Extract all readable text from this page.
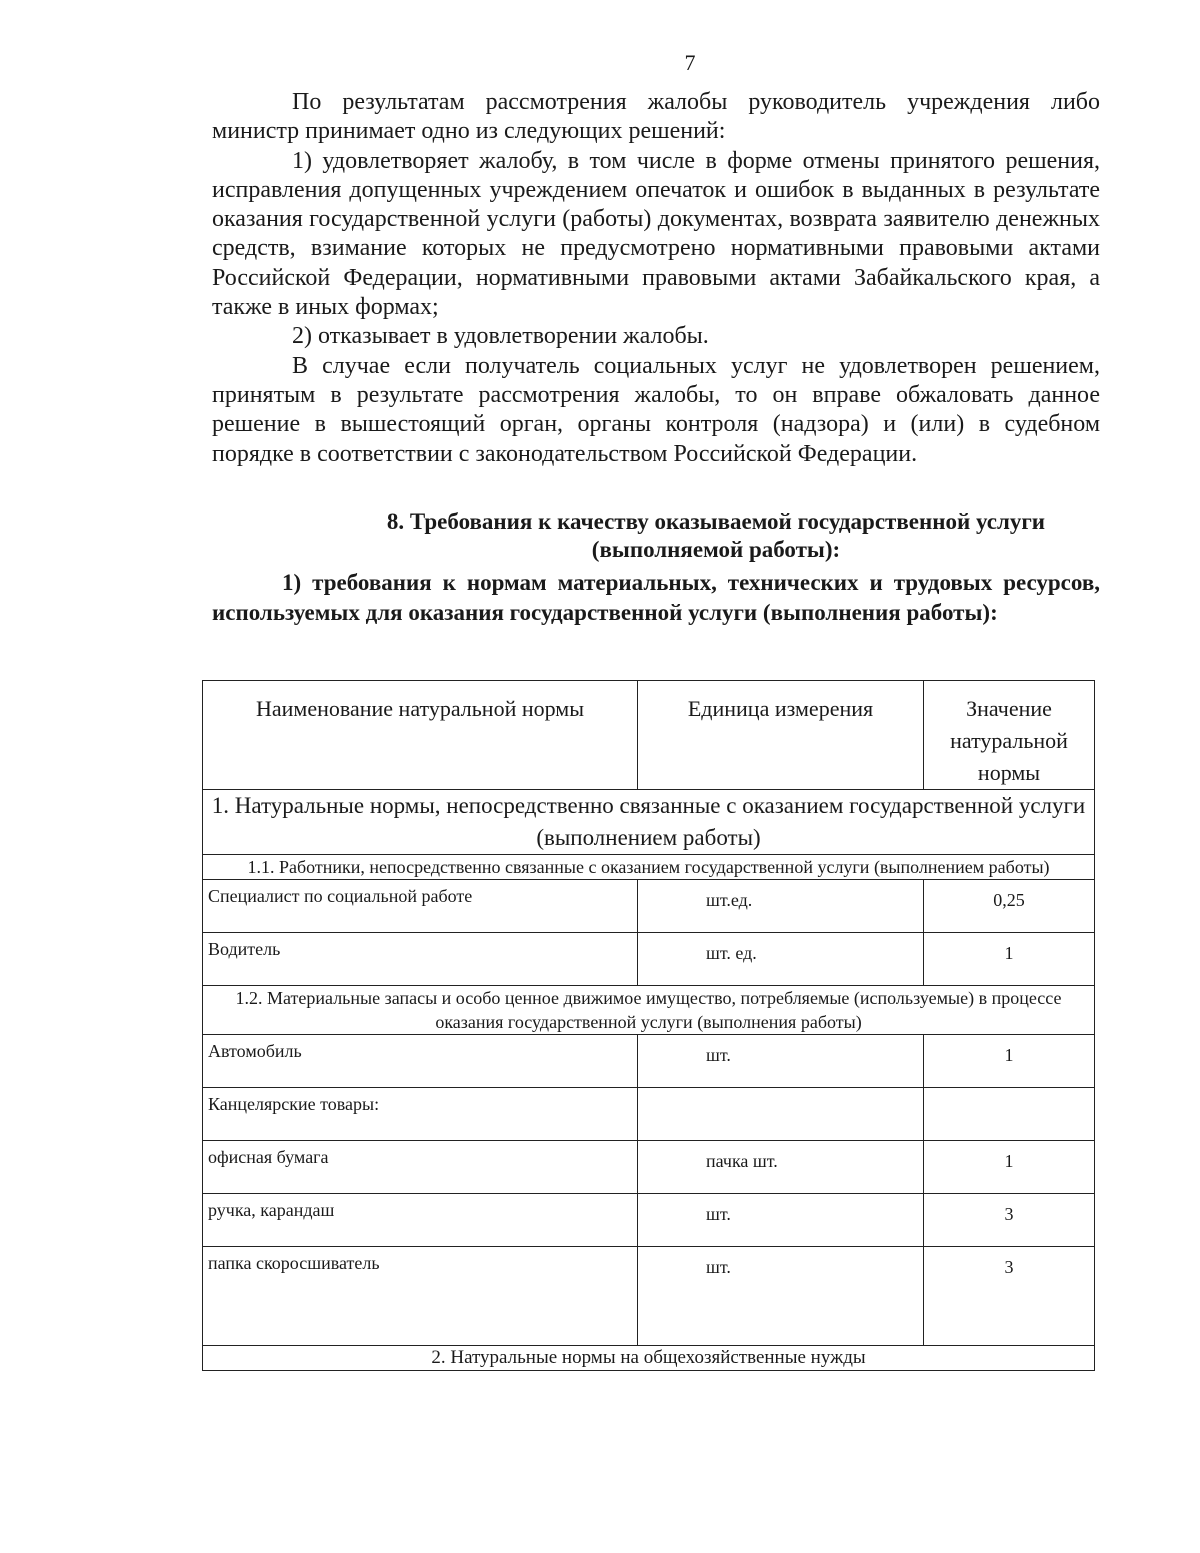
7

По результатам рассмотрения жалобы руководитель учреждения либо министр принимает одно из следующих решений:

1) удовлетворяет жалобу, в том числе в форме отмены принятого решения, исправления допущенных учреждением опечаток и ошибок в выданных в результате оказания государственной услуги (работы) документах, возврата заявителю денежных средств, взимание которых не предусмотрено нормативными правовыми актами Российской Федерации, нормативными правовыми актами Забайкальского края, а также в иных формах;

2) отказывает в удовлетворении жалобы.

В случае если получатель социальных услуг не удовлетворен решением, принятым в результате рассмотрения жалобы, то он вправе обжаловать данное решение в вышестоящий орган, органы контроля (надзора) и (или) в судебном порядке в соответствии с законодательством Российской Федерации.

8. Требования к качеству оказываемой государственной услуги
(выполняемой работы):
1) требования к нормам материальных, технических и трудовых ресурсов, используемых для оказания государственной услуги (выполнения работы):
Наименование натуральной нормы	Единица измерения	Значение натуральной нормы
1. Натуральные нормы, непосредственно связанные с оказанием государственной услуги (выполнением работы)		
1.1. Работники, непосредственно связанные с оказанием государственной услуги (выполнением работы)		
Специалист по социальной работе	шт.ед.	0,25
Водитель	шт. ед.	1
1.2. Материальные запасы и особо ценное движимое имущество, потребляемые (используемые) в процессе оказания государственной услуги (выполнения работы)		
Автомобиль	шт.	1
Канцелярские товары:		
офисная бумага	пачка шт.	1
ручка, карандаш	шт.	3
папка скоросшиватель	шт.	3
2. Натуральные нормы на общехозяйственные нужды		
